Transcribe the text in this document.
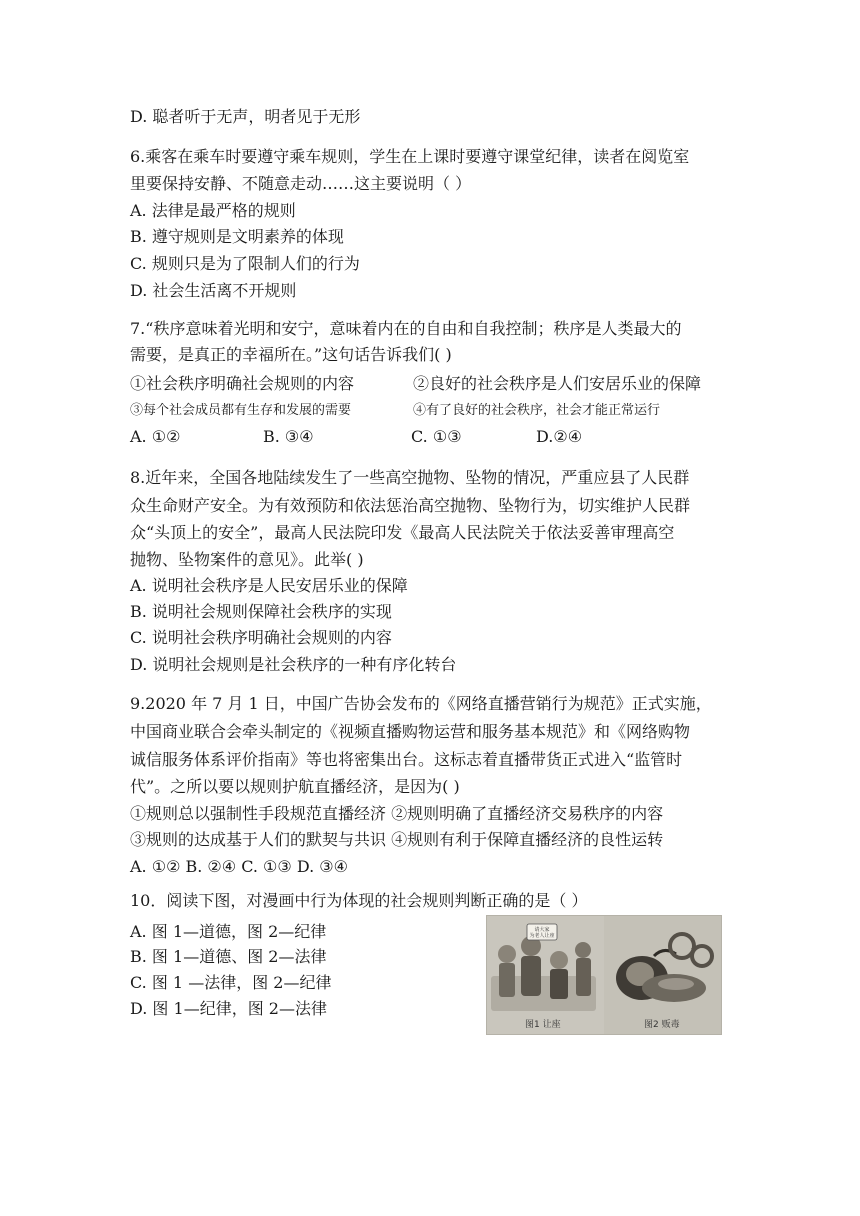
D. 聪者听于无声，明者见于无形
6.乘客在乘车时要遵守乘车规则，学生在上课时要遵守课堂纪律，读者在阅览室
里要保持安静、不随意走动……这主要说明（ ）
A. 法律是最严格的规则
B. 遵守规则是文明素养的体现
C. 规则只是为了限制人们的行为
D. 社会生活离不开规则
7.“秩序意味着光明和安宁，意味着内在的自由和自我控制；秩序是人类最大的
需要，是真正的幸福所在。”这句话告诉我们( )
①社会秩序明确社会规则的内容	②良好的社会秩序是人们安居乐业的保障
③每个社会成员都有生存和发展的需要	④有了良好的社会秩序，社会才能正常运行
A. ①②	B. ③④	C. ①③	D.②④
8.近年来，全国各地陆续发生了一些高空抛物、坠物的情况，严重应县了人民群
众生命财产安全。为有效预防和依法惩治高空抛物、坠物行为，切实维护人民群
众“头顶上的安全”，最高人民法院印发《最高人民法院关于依法妥善审理高空
抛物、坠物案件的意见》。此举( )
A. 说明社会秩序是人民安居乐业的保障
B. 说明社会规则保障社会秩序的实现
C. 说明社会秩序明确社会规则的内容
D. 说明社会规则是社会秩序的一种有序化转台
9.2020 年 7 月 1 日，中国广告协会发布的《网络直播营销行为规范》正式实施，
中国商业联合会牵头制定的《视频直播购物运营和服务基本规范》和《网络购物
诚信服务体系评价指南》等也将密集出台。这标志着直播带货正式进入“监管时
代”。之所以要以规则护航直播经济，是因为( )
①规则总以强制性手段规范直播经济 ②规则明确了直播经济交易秩序的内容
③规则的达成基于人们的默契与共识 ④规则有利于保障直播经济的良性运转
A. ①② B. ②④ C. ①③ D. ③④
10．阅读下图，对漫画中行为体现的社会规则判断正确的是（ ）
A. 图 1—道德，图 2—纪律
B. 图 1—道德、图 2—法律
C. 图 1 —法律，图 2—纪律
D. 图 1—纪律，图 2—法律
请大家
为老人让座
图1 让座	图2 贩毒
